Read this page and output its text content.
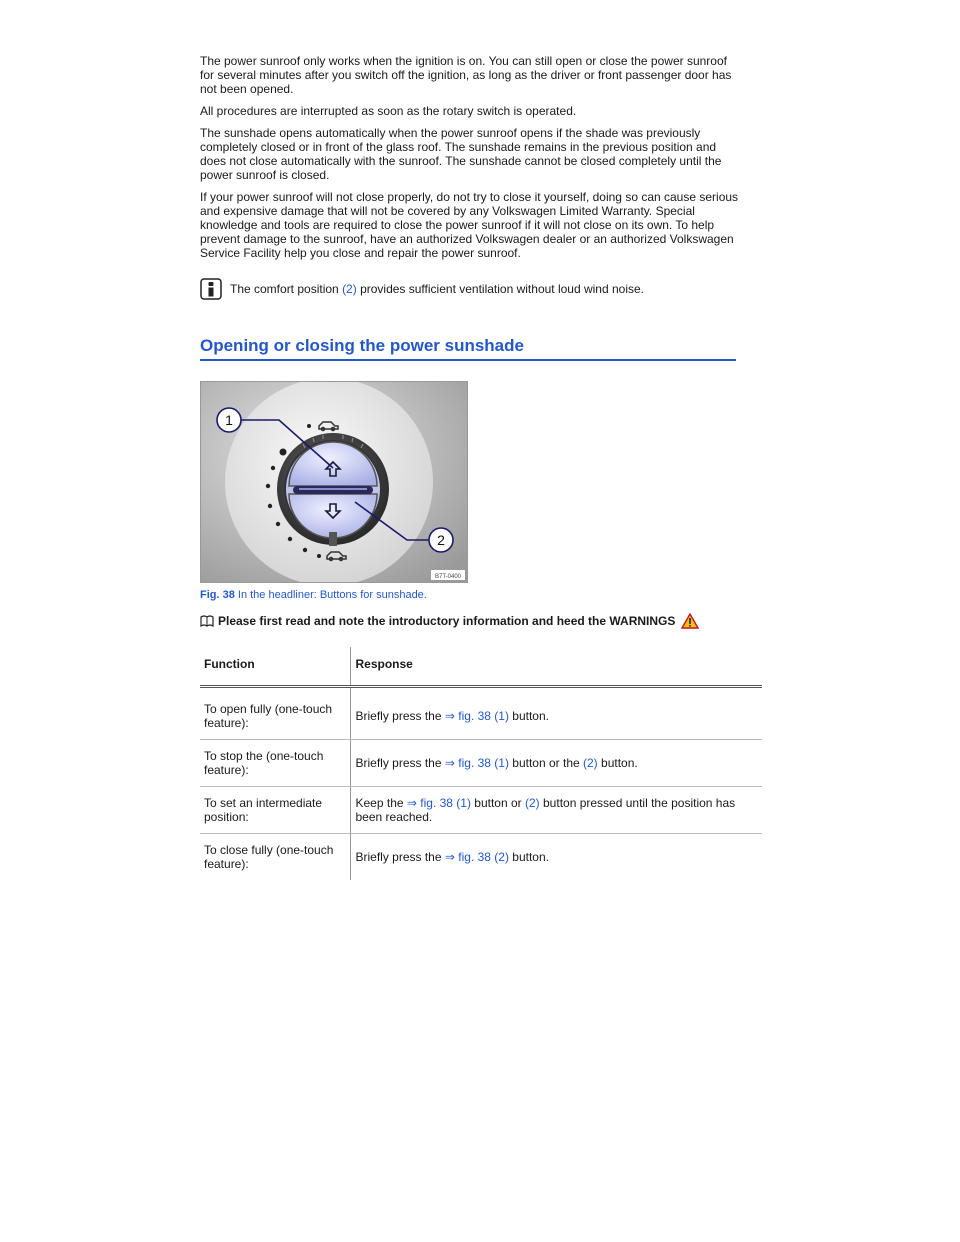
The power sunroof only works when the ignition is on. You can still open or close the power sunroof for several minutes after you switch off the ignition, as long as the driver or front passenger door has not been opened.

All procedures are interrupted as soon as the rotary switch is operated.

The sunshade opens automatically when the power sunroof opens if the shade was previously completely closed or in front of the glass roof. The sunshade remains in the previous position and does not close automatically with the sunroof. The sunshade cannot be closed completely until the power sunroof is closed.

If your power sunroof will not close properly, do not try to close it yourself, doing so can cause serious and expensive damage that will not be covered by any Volkswagen Limited Warranty. Special knowledge and tools are required to close the power sunroof if it will not close on its own. To help prevent damage to the sunroof, have an authorized Volkswagen dealer or an authorized Volkswagen Service Facility help you close and repair the power sunroof.

The comfort position (2) provides sufficient ventilation without loud wind noise.
Opening or closing the power sunshade
1
2
B7T-0400
Fig. 38 In the headliner: Buttons for sunshade.
Please first read and note the introductory information and heed the WARNINGS
Function	Response

To open fully (one-touch feature):	Briefly press the ⇒ fig. 38 (1) button.
To stop the (one-touch feature):	Briefly press the ⇒ fig. 38 (1) button or the (2) button.
To set an intermediate position:	Keep the ⇒ fig. 38 (1) button or (2) button pressed until the position has been reached.
To close fully (one-touch feature):	Briefly press the ⇒ fig. 38 (2) button.
